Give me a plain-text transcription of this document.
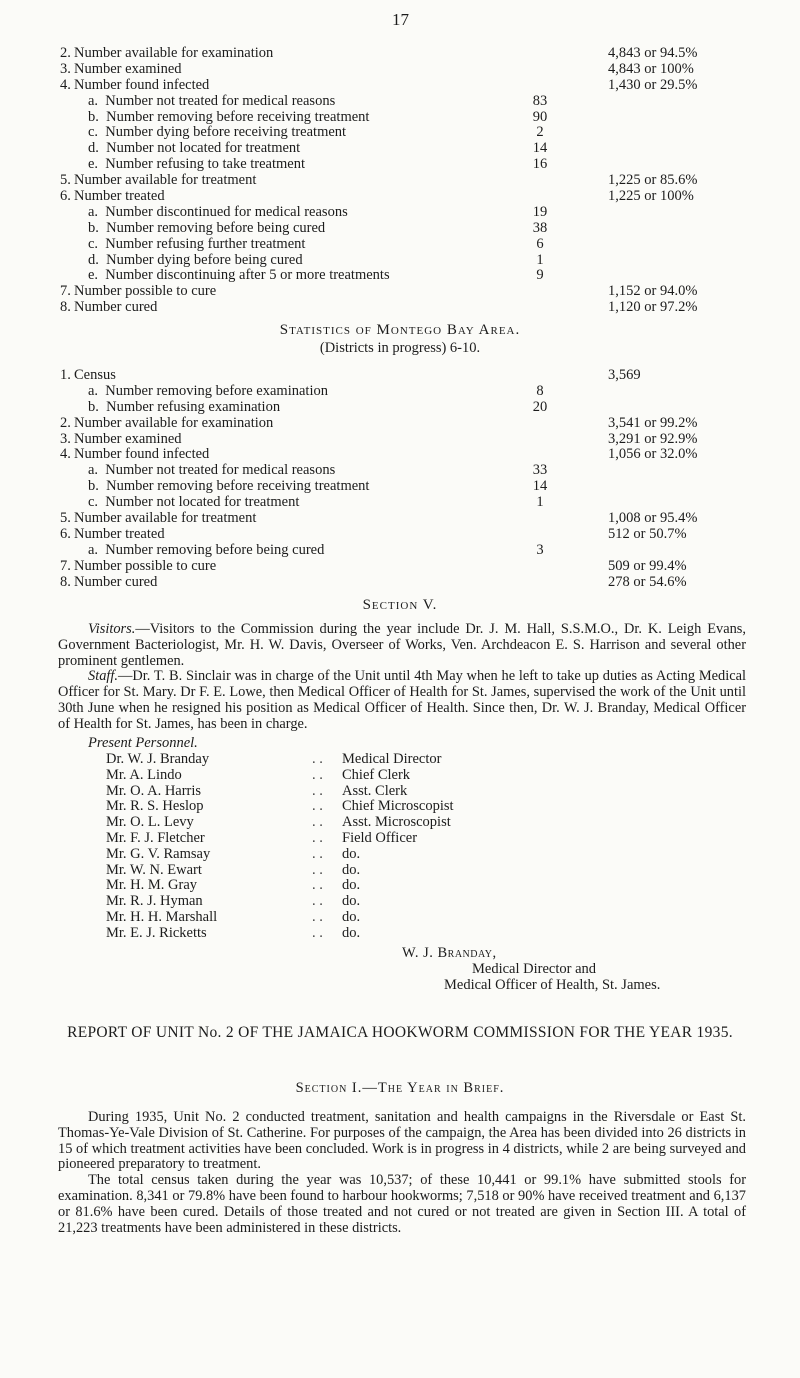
17
2. Number available for examination	4,843 or 94.5%
3. Number examined	4,843 or 100%
4. Number found infected	1,430 or 29.5%
a.  Number not treated for medical reasons	83
b.  Number removing before receiving treatment	90
c.  Number dying before receiving treatment	2
d.  Number not located for treatment	14
e.  Number refusing to take treatment	16
5. Number available for treatment	1,225 or 85.6%
6. Number treated	1,225 or 100%
a.  Number discontinued for medical reasons	19
b.  Number removing before being cured	38
c.  Number refusing further treatment	6
d.  Number dying before being cured	1
e.  Number discontinuing after 5 or more treatments	9
7. Number possible to cure	1,152 or 94.0%
8. Number cured	1,120 or 97.2%
Statistics of Montego Bay Area.
(Districts in progress) 6-10.
1. Census	3,569
a.  Number removing before examination	8
b.  Number refusing examination	20
2. Number available for examination	3,541 or 99.2%
3. Number examined	3,291 or 92.9%
4. Number found infected	1,056 or 32.0%
a.  Number not treated for medical reasons	33
b.  Number removing before receiving treatment	14
c.  Number not located for treatment	1
5. Number available for treatment	1,008 or 95.4%
6. Number treated	512 or 50.7%
a.  Number removing before being cured	3
7. Number possible to cure	509 or 99.4%
8. Number cured	278 or 54.6%
Section V.

Visitors.—Visitors to the Commission during the year include Dr. J. M. Hall, S.S.M.O., Dr. K. Leigh Evans, Government Bacteriologist, Mr. H. W. Davis, Overseer of Works, Ven. Archdeacon E. S. Harrison and several other prominent gentlemen.

Staff.—Dr. T. B. Sinclair was in charge of the Unit until 4th May when he left to take up duties as Acting Medical Officer for St. Mary. Dr F. E. Lowe, then Medical Officer of Health for St. James, supervised the work of the Unit until 30th June when he resigned his position as Medical Officer of Health. Since then, Dr. W. J. Branday, Medical Officer of Health for St. James, has been in charge.

Present Personnel.
Dr. W. J. Branday	. . Medical Director
Mr. A. Lindo	. . Chief Clerk
Mr. O. A. Harris	. . Asst. Clerk
Mr. R. S. Heslop	. . Chief Microscopist
Mr. O. L. Levy	. . Asst. Microscopist
Mr. F. J. Fletcher	. . Field Officer
Mr. G. V. Ramsay	. . do.
Mr. W. N. Ewart	. . do.
Mr. H. M. Gray	. . do.
Mr. R. J. Hyman	. . do.
Mr. H. H. Marshall	. . do.
Mr. E. J. Ricketts	. . do.
W. J. Branday,
Medical Director and
Medical Officer of Health, St. James.
REPORT OF UNIT No. 2 OF THE JAMAICA HOOKWORM COMMISSION FOR THE YEAR 1935.
Section I.—The Year in Brief.

During 1935, Unit No. 2 conducted treatment, sanitation and health campaigns in the Riversdale or East St. Thomas-Ye-Vale Division of St. Catherine. For purposes of the campaign, the Area has been divided into 26 districts in 15 of which treatment activities have been concluded. Work is in progress in 4 districts, while 2 are being surveyed and pioneered preparatory to treatment.

The total census taken during the year was 10,537; of these 10,441 or 99.1% have submitted stools for examination. 8,341 or 79.8% have been found to harbour hookworms; 7,518 or 90% have received treatment and 6,137 or 81.6% have been cured. Details of those treated and not cured or not treated are given in Section III. A total of 21,223 treatments have been administered in these districts.
